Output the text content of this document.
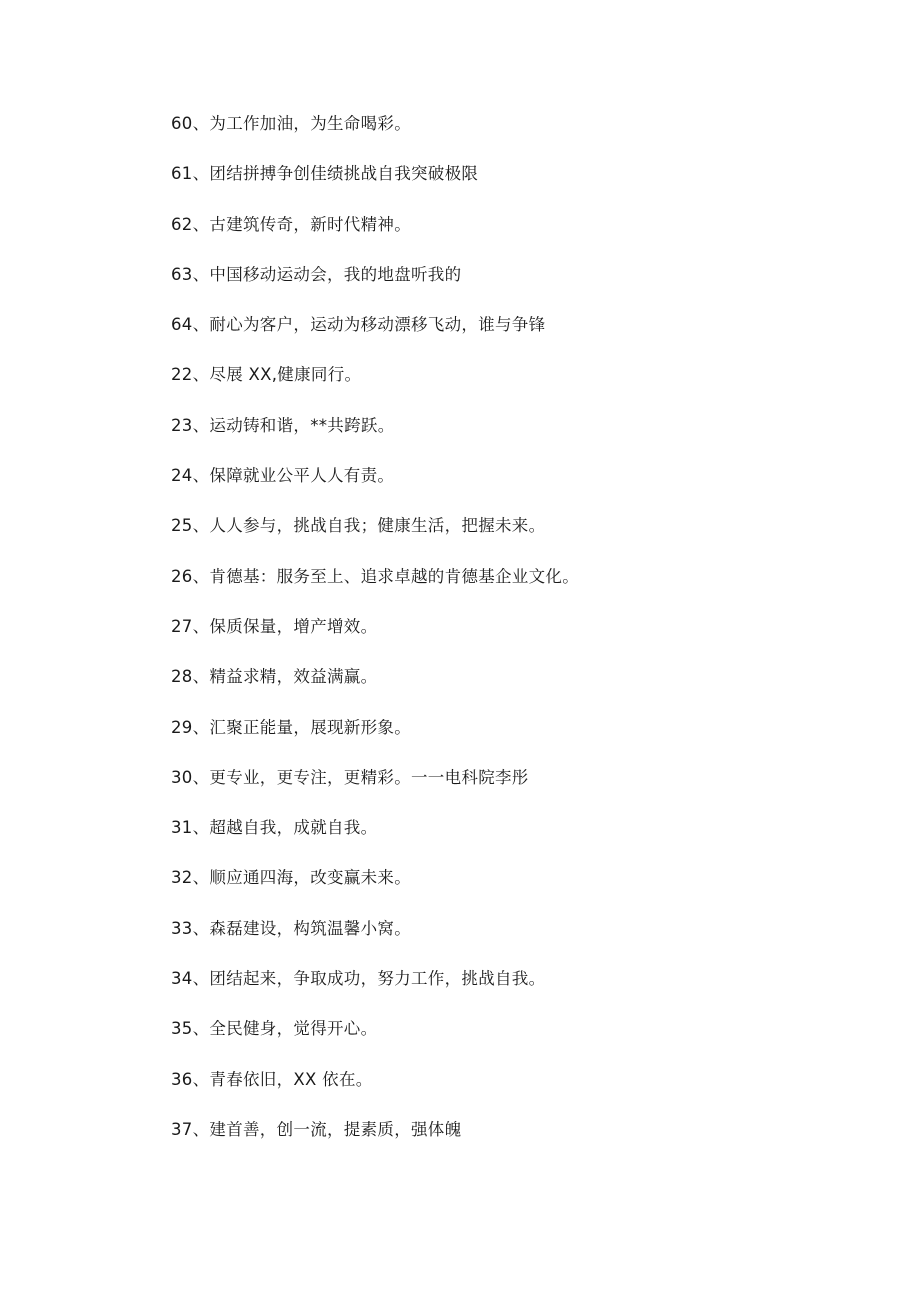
60、为工作加油，为生命喝彩。
61、团结拼搏争创佳绩挑战自我突破极限
62、古建筑传奇，新时代精神。
63、中国移动运动会，我的地盘听我的
64、耐心为客户，运动为移动漂移飞动，谁与争锋
22、尽展 XX,健康同行。
23、运动铸和谐，**共跨跃。
24、保障就业公平人人有责。
25、人人参与，挑战自我；健康生活，把握未来。
26、肯德基：服务至上、追求卓越的肯德基企业文化。
27、保质保量，增产增效。
28、精益求精，效益满赢。
29、汇聚正能量，展现新形象。
30、更专业，更专注，更精彩。一一电科院李彤
31、超越自我，成就自我。
32、顺应通四海，改变赢未来。
33、森磊建设，构筑温馨小窝。
34、团结起来，争取成功，努力工作，挑战自我。
35、全民健身，觉得开心。
36、青春依旧，XX 依在。
37、建首善，创一流，提素质，强体魄
